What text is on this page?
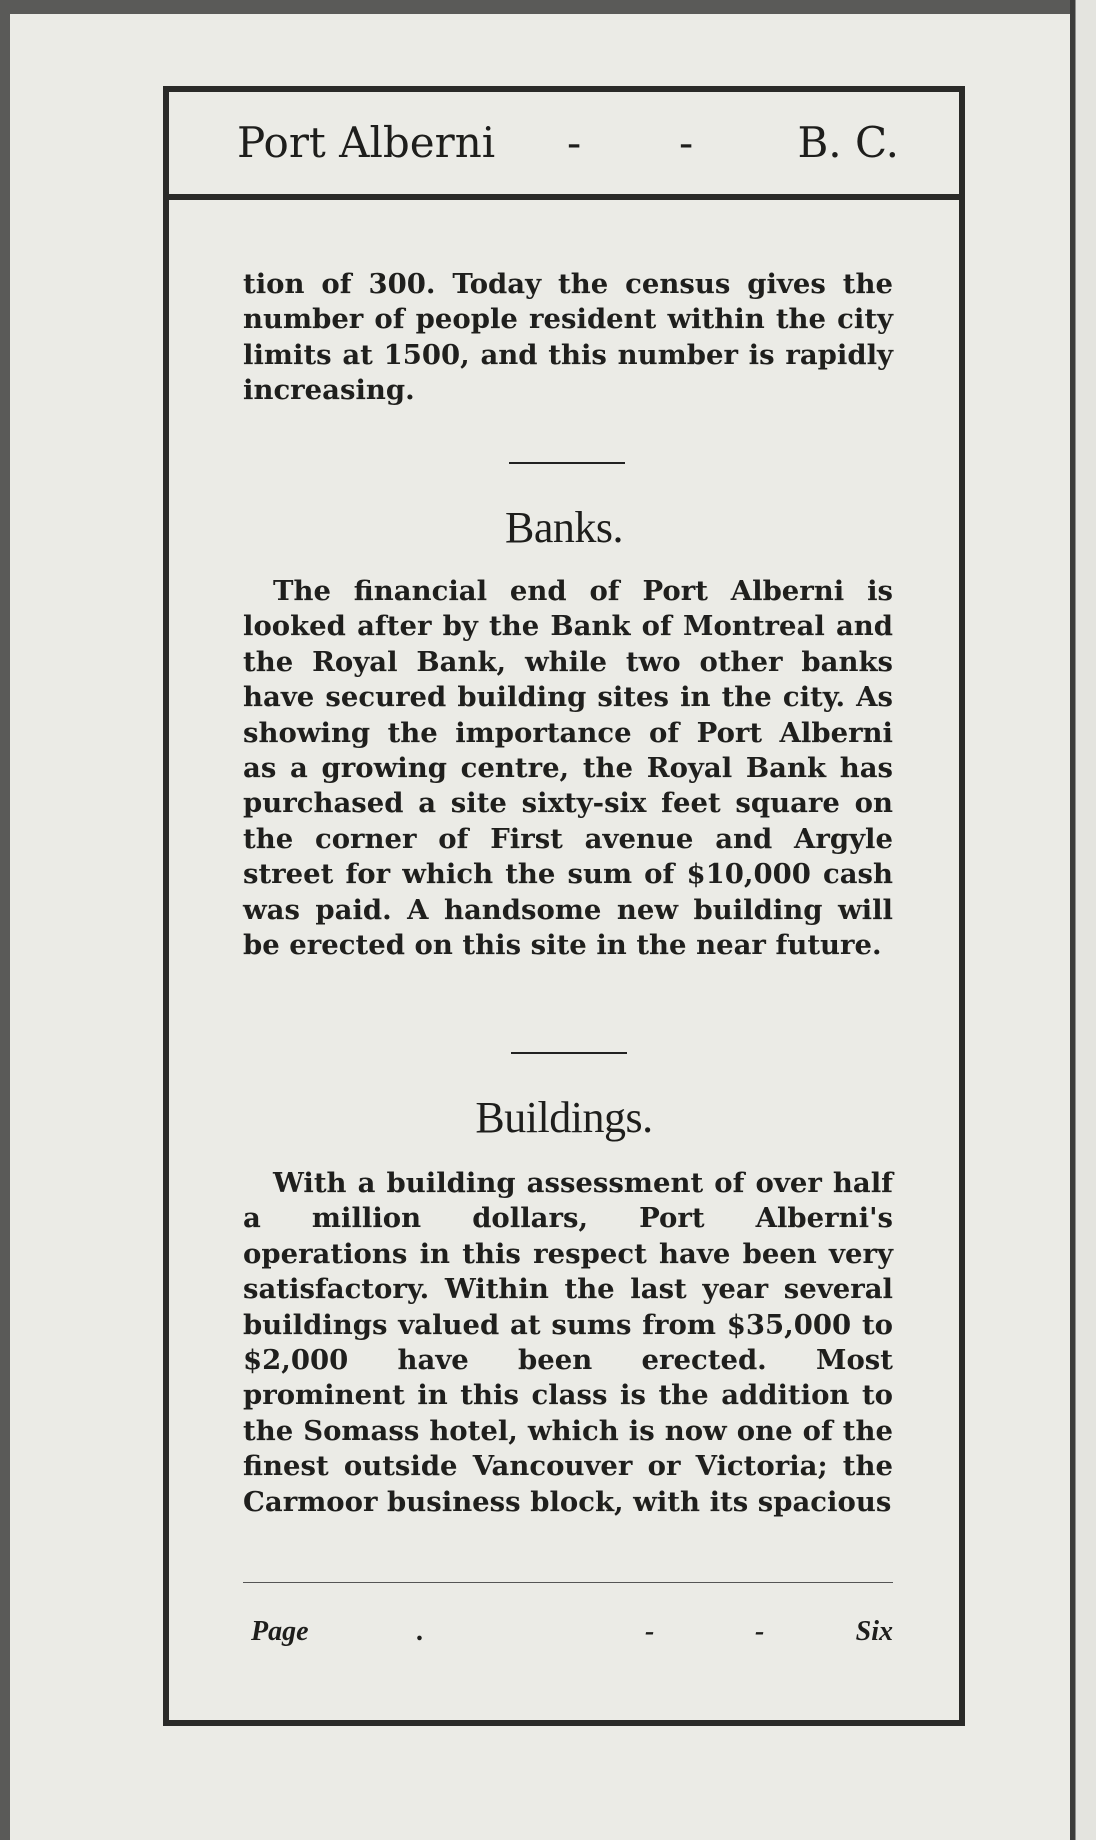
Port Alberni - - B. C.

tion of 300. Today the census gives the number of people resident within the city limits at 1500, and this number is rapidly increasing.

Banks.

The financial end of Port Alberni is looked after by the Bank of Montreal and the Royal Bank, while two other banks have secured building sites in the city. As showing the importance of Port Alberni as a growing centre, the Royal Bank has purchased a site sixty-six feet square on the corner of First avenue and Argyle street for which the sum of $10,000 cash was paid. A handsome new building will be erected on this site in the near future.

Buildings.

With a building assessment of over half a million dollars, Port Alberni's operations in this respect have been very satisfactory. Within the last year several buildings valued at sums from $35,000 to $2,000 have been erected. Most prominent in this class is the addition to the Somass hotel, which is now one of the finest outside Vancouver or Victoria; the Carmoor business block, with its spacious

Page	.	-	-	Six
